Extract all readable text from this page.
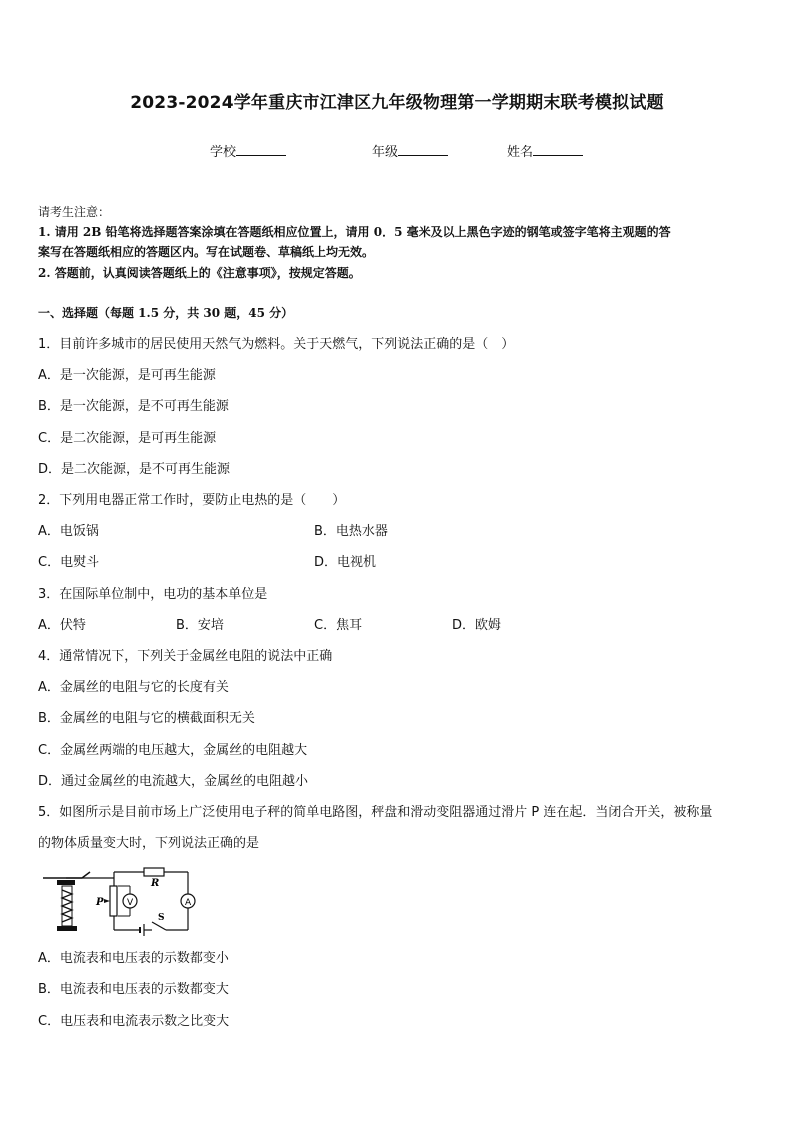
2023-2024学年重庆市江津区九年级物理第一学期期末联考模拟试题
学校	年级	姓名
请考生注意：
1. 请用 2B 铅笔将选择题答案涂填在答题纸相应位置上，请用 0．5 毫米及以上黑色字迹的钢笔或签字笔将主观题的答
案写在答题纸相应的答题区内。写在试题卷、草稿纸上均无效。
2. 答题前，认真阅读答题纸上的《注意事项》，按规定答题。
一、选择题（每题 1.5 分，共 30 题，45 分）
1．目前许多城市的居民使用天然气为燃料。关于天燃气，下列说法正确的是（　）
A．是一次能源，是可再生能源
B．是一次能源，是不可再生能源
C．是二次能源，是可再生能源
D．是二次能源，是不可再生能源
2．下列用电器正常工作时，要防止电热的是（　　）
A．电饭锅	B．电热水器
C．电熨斗	D．电视机
3．在国际单位制中，电功的基本单位是
A．伏特	B．安培	C．焦耳	D．欧姆
4．通常情况下，下列关于金属丝电阻的说法中正确
A．金属丝的电阻与它的长度有关
B．金属丝的电阻与它的横截面积无关
C．金属丝两端的电压越大，金属丝的电阻越大
D．通过金属丝的电流越大，金属丝的电阻越小
5．如图所示是目前市场上广泛使用电子秤的简单电路图，秤盘和滑动变阻器通过滑片 P 连在起．当闭合开关，被称量
的物体质量变大时，下列说法正确的是
P
R
A
S
V
A．电流表和电压表的示数都变小
B．电流表和电压表的示数都变大
C．电压表和电流表示数之比变大
